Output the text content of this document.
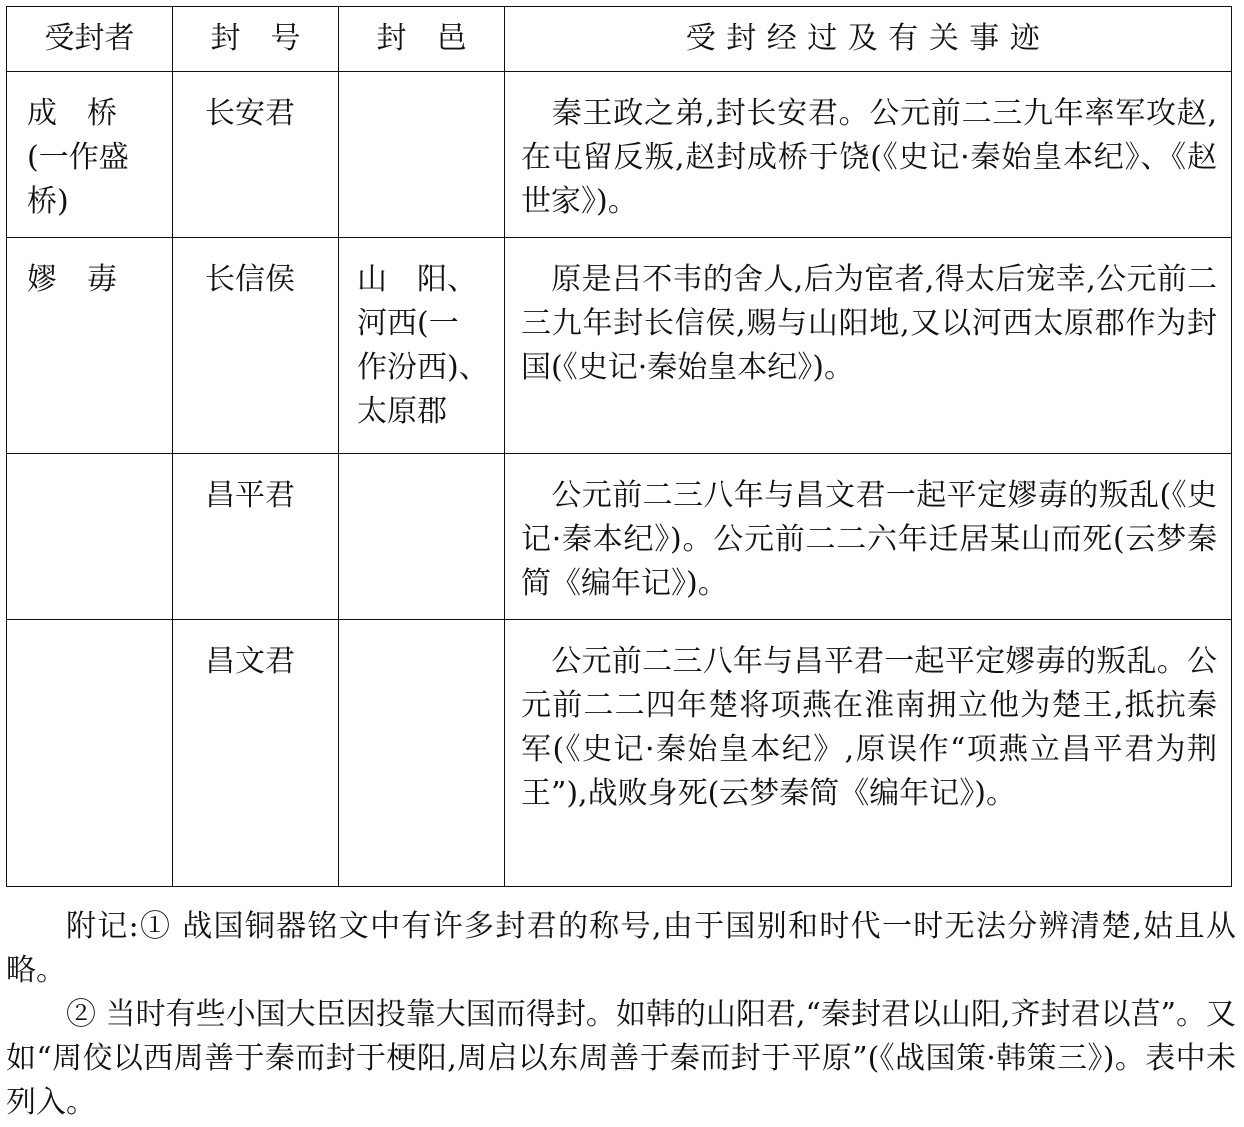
受封者	封　号	封　邑	受封经过及有关事迹
成　桥
(一作盛
桥)	长安君		　秦王政之弟,封长安君。公元前二三九年率军攻赵,在屯留反叛,赵封成桥于饶(《史记·秦始皇本纪》、《赵世家》)。
嫪　毐	长信侯	山　阳、
河西(一
作汾西)、
太原郡	　原是吕不韦的舍人,后为宦者,得太后宠幸,公元前二三九年封长信侯,赐与山阳地,又以河西太原郡作为封国(《史记·秦始皇本纪》)。
	昌平君		　公元前二三八年与昌文君一起平定嫪毐的叛乱(《史记·秦本纪》)。公元前二二六年迁居某山而死(云梦秦简《编年记》)。
	昌文君		　公元前二三八年与昌平君一起平定嫪毐的叛乱。公元前二二四年楚将项燕在淮南拥立他为楚王,抵抗秦军(《史记·秦始皇本纪》,原误作“项燕立昌平君为荆王”),战败身死(云梦秦简《编年记》)。

附记:① 战国铜器铭文中有许多封君的称号,由于国别和时代一时无法分辨清楚,姑且从略。

② 当时有些小国大臣因投靠大国而得封。如韩的山阳君,“秦封君以山阳,齐封君以莒”。又如“周佼以西周善于秦而封于梗阳,周启以东周善于秦而封于平原”(《战国策·韩策三》)。表中未列入。
